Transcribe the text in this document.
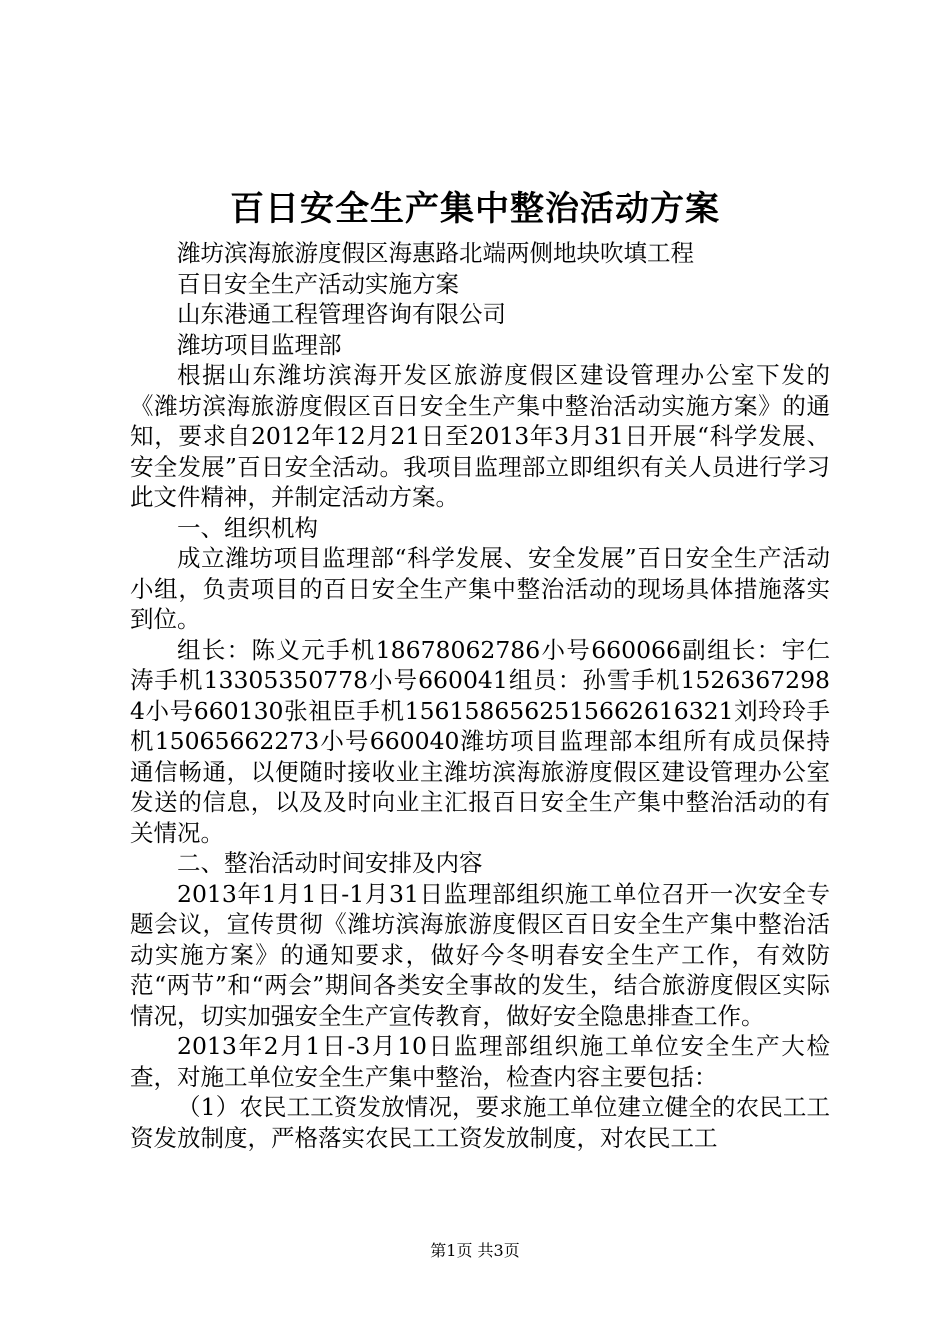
百日安全生产集中整治活动方案

潍坊滨海旅游度假区海惠路北端两侧地块吹填工程

百日安全生产活动实施方案

山东港通工程管理咨询有限公司

潍坊项目监理部

根据山东潍坊滨海开发区旅游度假区建设管理办公室下发的《潍坊滨海旅游度假区百日安全生产集中整治活动实施方案》的通知，要求自2012年12月21日至2013年3月31日开展“科学发展、安全发展”百日安全活动。我项目监理部立即组织有关人员进行学习此文件精神，并制定活动方案。

一、组织机构

成立潍坊项目监理部“科学发展、安全发展”百日安全生产活动小组，负责项目的百日安全生产集中整治活动的现场具体措施落实到位。

组长：陈义元手机18678062786小号660066副组长：宇仁涛手机13305350778小号660041组员：孙雪手机15263672984小号660130张祖臣手机1561586562515662616321刘玲玲手机15065662273小号660040潍坊项目监理部本组所有成员保持通信畅通，以便随时接收业主潍坊滨海旅游度假区建设管理办公室发送的信息，以及及时向业主汇报百日安全生产集中整治活动的有关情况。

二、整治活动时间安排及内容

2013年1月1日-1月31日监理部组织施工单位召开一次安全专题会议，宣传贯彻《潍坊滨海旅游度假区百日安全生产集中整治活动实施方案》的通知要求，做好今冬明春安全生产工作，有效防范“两节”和“两会”期间各类安全事故的发生，结合旅游度假区实际情况，切实加强安全生产宣传教育，做好安全隐患排查工作。

2013年2月1日-3月10日监理部组织施工单位安全生产大检查，对施工单位安全生产集中整治，检查内容主要包括：

（1）农民工工资发放情况，要求施工单位建立健全的农民工工资发放制度，严格落实农民工工资发放制度，对农民工工

第1页 共3页
